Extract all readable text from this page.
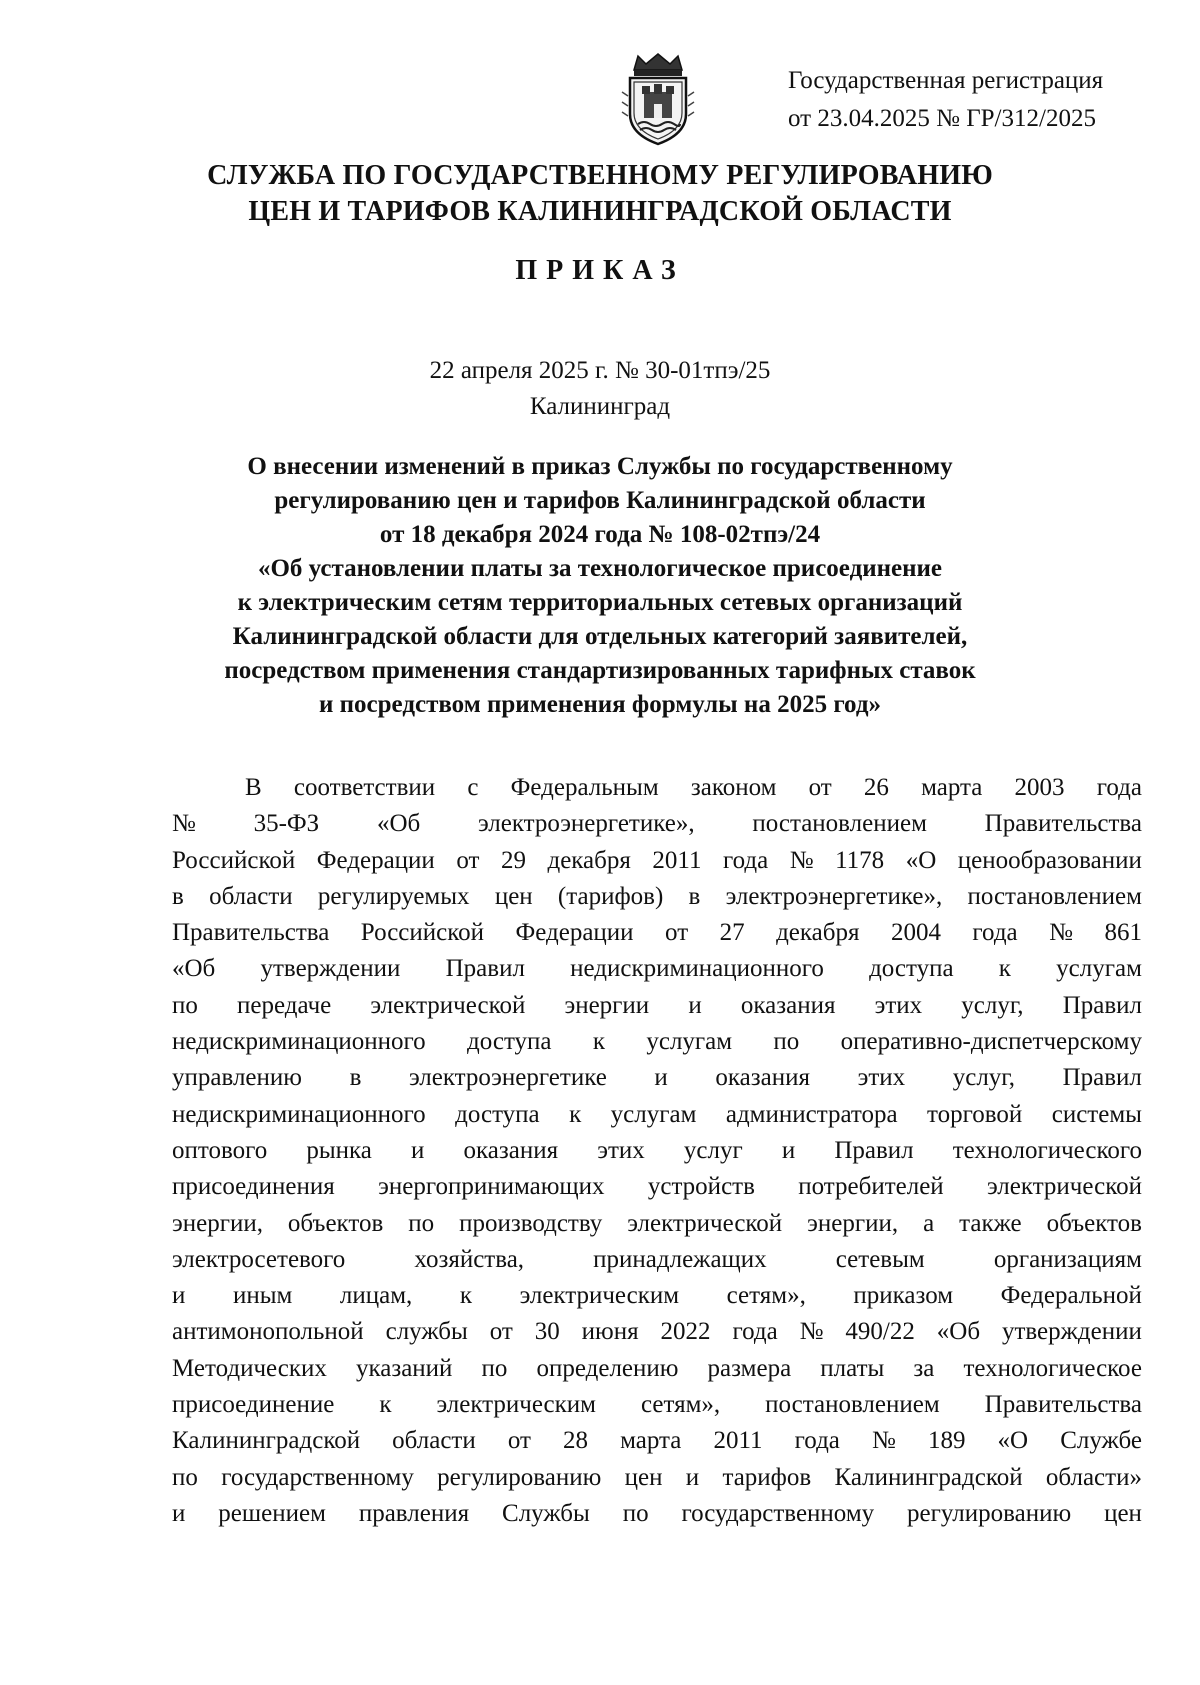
Государственная регистрация
от 23.04.2025 № ГР/312/2025
СЛУЖБА ПО ГОСУДАРСТВЕННОМУ РЕГУЛИРОВАНИЮ
ЦЕН И ТАРИФОВ КАЛИНИНГРАДСКОЙ ОБЛАСТИ
ПРИКАЗ
22 апреля 2025 г. № 30-01тпэ/25
Калининград
О внесении изменений в приказ Службы по государственному
регулированию цен и тарифов Калининградской области
от 18 декабря 2024 года № 108-02тпэ/24
«Об установлении платы за технологическое присоединение
к электрическим сетям территориальных сетевых организаций
Калининградской области для отдельных категорий заявителей,
посредством применения стандартизированных тарифных ставок
и посредством применения формулы на 2025 год»
В соответствии с Федеральным законом от 26 марта 2003 года
№ 35-ФЗ «Об электроэнергетике», постановлением Правительства
Российской Федерации от 29 декабря 2011 года № 1178 «О ценообразовании
в области регулируемых цен (тарифов) в электроэнергетике», постановлением
Правительства Российской Федерации от 27 декабря 2004 года № 861
«Об утверждении Правил недискриминационного доступа к услугам
по передаче электрической энергии и оказания этих услуг, Правил
недискриминационного доступа к услугам по оперативно-диспетчерскому
управлению в электроэнергетике и оказания этих услуг, Правил
недискриминационного доступа к услугам администратора торговой системы
оптового рынка и оказания этих услуг и Правил технологического
присоединения энергопринимающих устройств потребителей электрической
энергии, объектов по производству электрической энергии, а также объектов
электросетевого	хозяйства,	принадлежащих	сетевым	организациям
и иным лицам, к электрическим сетям», приказом Федеральной
антимонопольной службы от 30 июня 2022 года № 490/22 «Об утверждении
Методических указаний по определению размера платы за технологическое
присоединение к электрическим сетям», постановлением Правительства
Калининградской области от 28 марта 2011 года № 189 «О Службе
по государственному регулированию цен и тарифов Калининградской области»
и решением правления Службы по государственному регулированию цен
